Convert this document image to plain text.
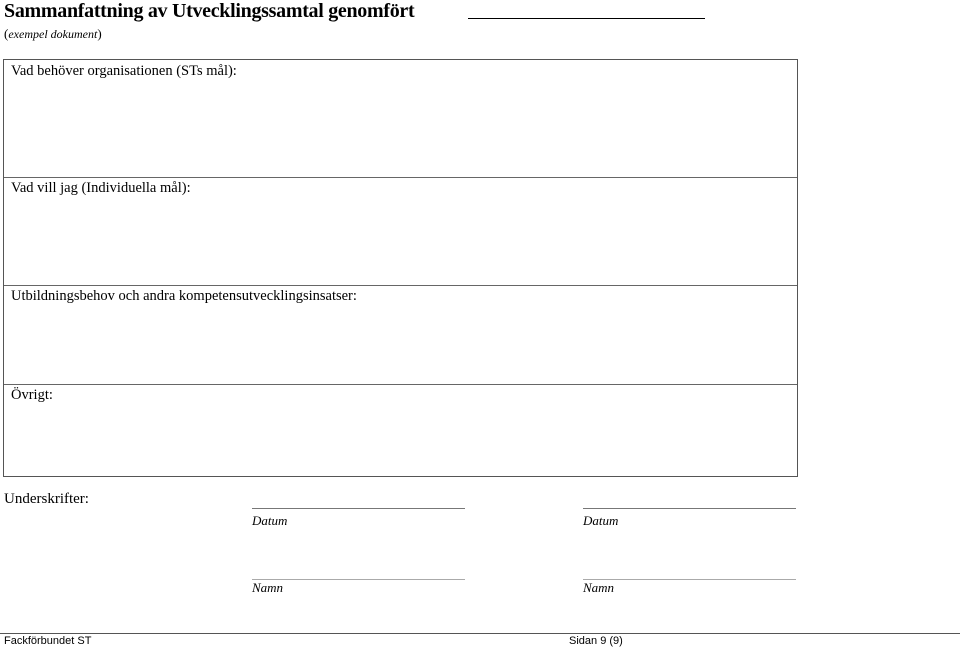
Sammanfattning av Utvecklingssamtal genomfört
(exempel dokument)
Vad behöver organisationen (STs mål):
Vad vill jag (Individuella mål):
Utbildningsbehov och andra kompetensutvecklingsinsatser:
Övrigt:
Underskrifter:
Datum	Datum
Namn	Namn
Fackförbundet ST	Sidan 9 (9)
